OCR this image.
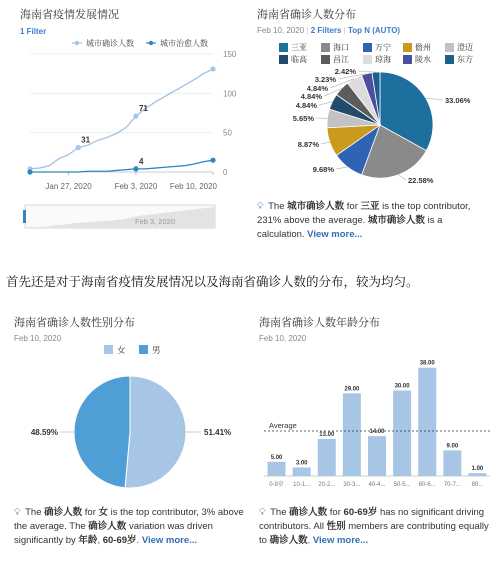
海南省疫情发展情况
1 Filter
城市确诊人数	城市治愈人数
0
50
100
150
Jan 27, 2020	Feb 3, 2020 Feb 10, 2020
31
71
4
Feb 3, 2020
海南省确诊人数分布
Feb 10, 2020 | 2 Filters | Top N (AUTO)
三亚	海口	万宁	儋州	澄迈
临高	昌江	琼海	陵水	东方
33.06%
22.58%
9.68%
8.87%
5.65%
4.84%
4.84%
4.84%
3.23%
2.42%
💡︎ The 城市确诊人数 for 三亚 is the top contributor, 231% above the average. 城市确诊人数 is a calculation. View more...
首先还是对于海南省疫情发展情况以及海南省确诊人数的分布，较为均匀。
海南省确诊人数性别分布
Feb 10, 2020
女	男
51.41%
48.59%
💡︎ The 确诊人数 for 女 is the top contributor, 3% above the average. The 确诊人数 variation was driven significantly by 年龄, 60-69岁. View more...
海南省确诊人数年龄分布
Feb 10, 2020
5.00
0-9岁
3.00
10-1...
13.00
20-2...
29.00
30-3...
14.00
40-4...
30.00
50-5...
38.00
60-6...
9.00
70-7...
1.00
80...
Average
💡︎ The 确诊人数 for 60-69岁 has no significant driving contributors. All 性别 members are contributing equally to 确诊人数. View more...
